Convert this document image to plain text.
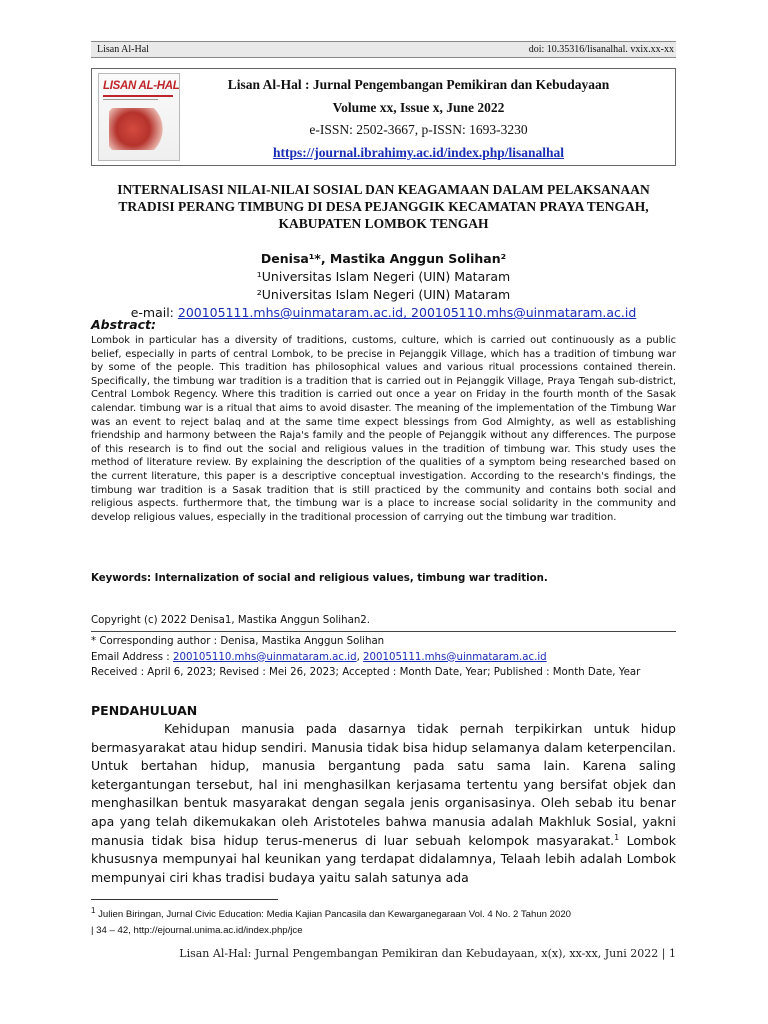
Lisan Al-Hal	doi: 10.35316/lisanalhal. vxix.xx-xx
LISAN AL-HAL	Lisan Al-Hal : Jurnal Pengembangan Pemikiran dan Kebudayaan
Volume xx, Issue x, June 2022
e-ISSN: 2502-3667, p-ISSN: 1693-3230
https://journal.ibrahimy.ac.id/index.php/lisanalhal
INTERNALISASI NILAI-NILAI SOSIAL DAN KEAGAMAAN DALAM PELAKSANAAN
TRADISI PERANG TIMBUNG DI DESA PEJANGGIK KECAMATAN PRAYA TENGAH,
KABUPATEN LOMBOK TENGAH
Denisa¹*, Mastika Anggun Solihan²
¹Universitas Islam Negeri (UIN) Mataram
²Universitas Islam Negeri (UIN) Mataram
e-mail: 200105111.mhs@uinmataram.ac.id, 200105110.mhs@uinmataram.ac.id
Abstract:
Lombok in particular has a diversity of traditions, customs, culture, which is carried out continuously as a public belief, especially in parts of central Lombok, to be precise in Pejanggik Village, which has a tradition of timbung war by some of the people. This tradition has philosophical values and various ritual processions contained therein. Specifically, the timbung war tradition is a tradition that is carried out in Pejanggik Village, Praya Tengah sub-district, Central Lombok Regency. Where this tradition is carried out once a year on Friday in the fourth month of the Sasak calendar. timbung war is a ritual that aims to avoid disaster. The meaning of the implementation of the Timbung War was an event to reject balaq and at the same time expect blessings from God Almighty, as well as establishing friendship and harmony between the Raja's family and the people of Pejanggik without any differences. The purpose of this research is to find out the social and religious values in the tradition of timbung war. This study uses the method of literature review. By explaining the description of the qualities of a symptom being researched based on the current literature, this paper is a descriptive conceptual investigation. According to the research's findings, the timbung war tradition is a Sasak tradition that is still practiced by the community and contains both social and religious aspects. furthermore that, the timbung war is a place to increase social solidarity in the community and develop religious values, especially in the traditional procession of carrying out the timbung war tradition.
Keywords: Internalization of social and religious values, timbung war tradition.
Copyright (c) 2022 Denisa1, Mastika Anggun Solihan2.
* Corresponding author : Denisa, Mastika Anggun Solihan
Email Address : 200105110.mhs@uinmataram.ac.id, 200105111.mhs@uinmataram.ac.id
Received : April 6, 2023; Revised : Mei 26, 2023; Accepted : Month Date, Year; Published : Month Date, Year
PENDAHULUAN
Kehidupan manusia pada dasarnya tidak pernah terpikirkan untuk hidup bermasyarakat atau hidup sendiri. Manusia tidak bisa hidup selamanya dalam keterpencilan. Untuk bertahan hidup, manusia bergantung pada satu sama lain. Karena saling ketergantungan tersebut, hal ini menghasilkan kerjasama tertentu yang bersifat objek dan menghasilkan bentuk masyarakat dengan segala jenis organisasinya. Oleh sebab itu benar apa yang telah dikemukakan oleh Aristoteles bahwa manusia adalah Makhluk Sosial, yakni manusia tidak bisa hidup terus-menerus di luar sebuah kelompok masyarakat.$^1$ Lombok khususnya mempunyai hal keunikan yang terdapat didalamnya, Telaah lebih adalah Lombok mempunyai ciri khas tradisi budaya yaitu salah satunya ada
$^1$ Julien Biringan, Jurnal Civic Education: Media Kajian Pancasila dan Kewarganegaraan Vol. 4 No. 2 Tahun 2020
| 34 – 42, http://ejournal.unima.ac.id/index.php/jce
Lisan Al-Hal: Jurnal Pengembangan Pemikiran dan Kebudayaan, x(x), xx-xx, Juni 2022 | 1
